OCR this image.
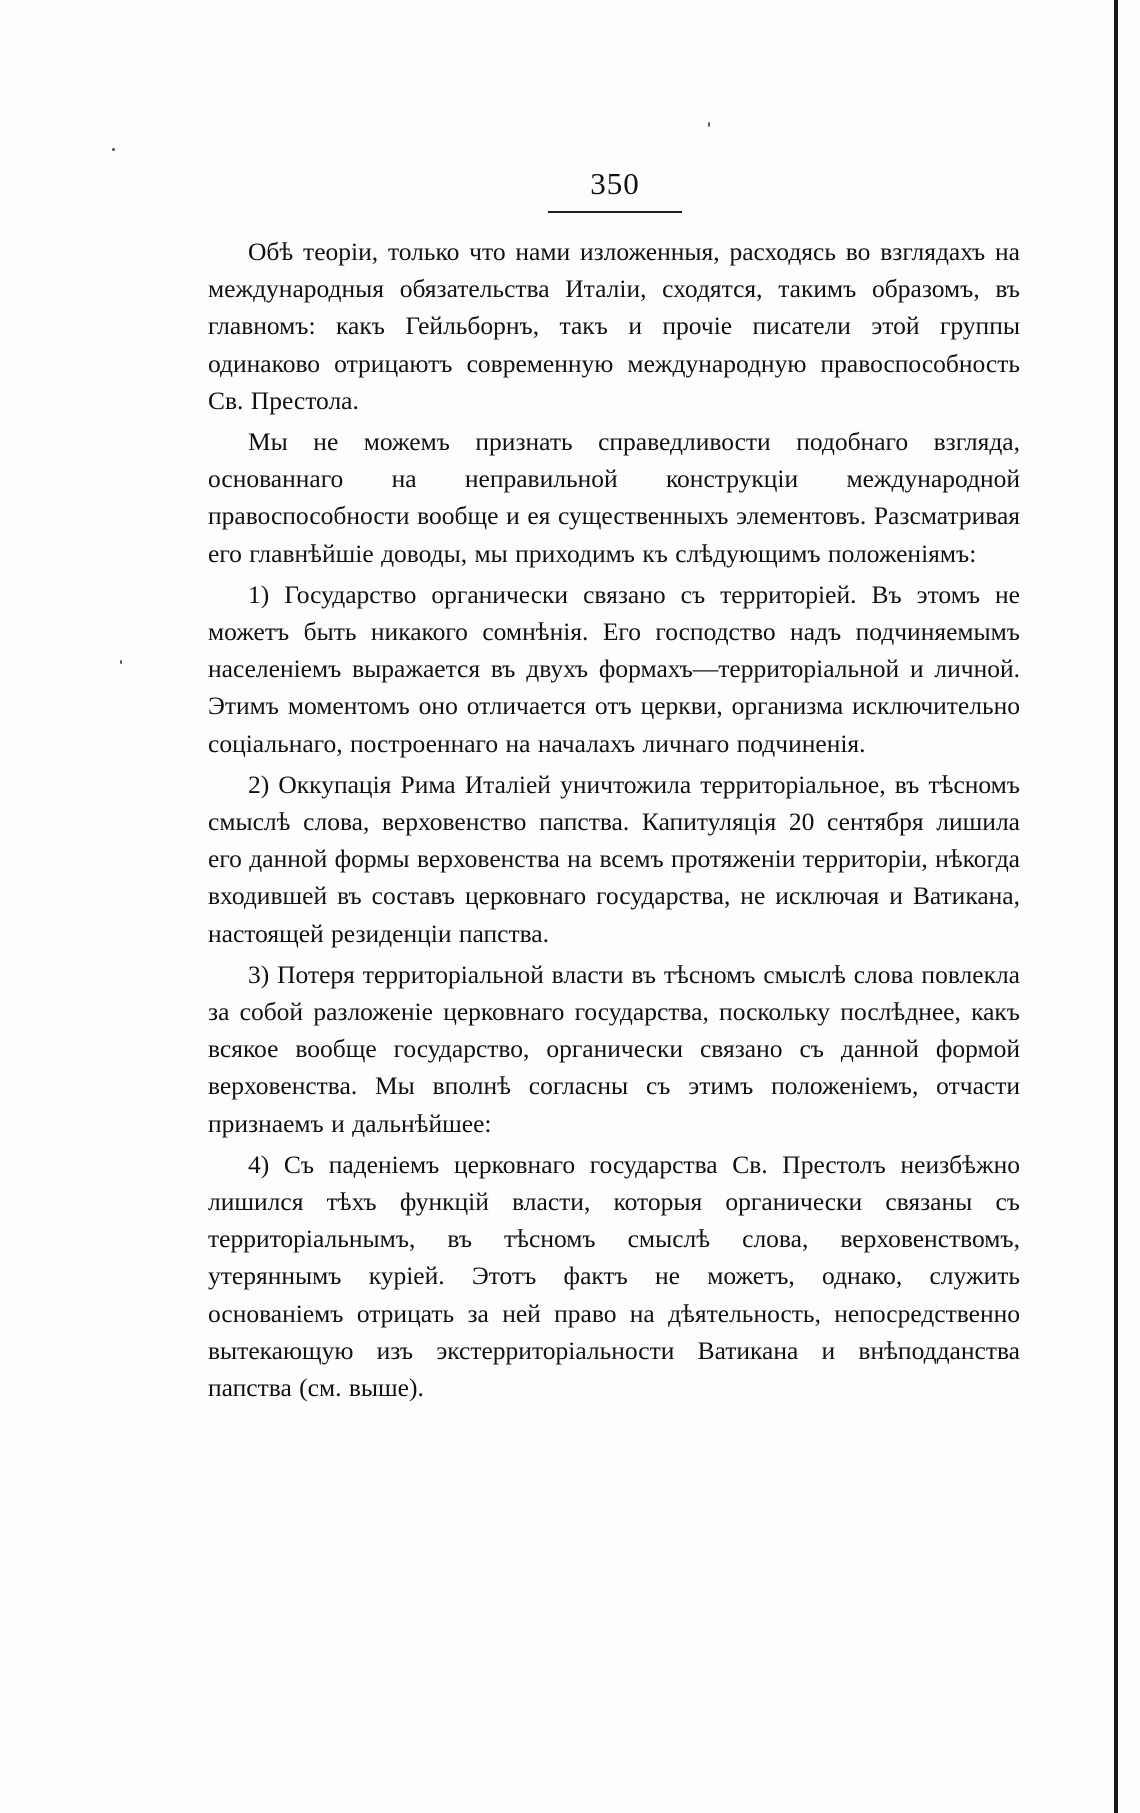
350

Обѣ теоріи, только что нами изложенныя, расходясь во взглядахъ на международныя обязательства Италіи, сходятся, такимъ образомъ, въ главномъ: какъ Гейльборнъ, такъ и прочіе писатели этой группы одинаково отрицаютъ современную международную правоспособность Св. Престола.

Мы не можемъ признать справедливости подобнаго взгляда, основаннаго на неправильной конструкціи международной правоспособности вообще и ея существенныхъ элементовъ. Разсматривая его главнѣйшіе доводы, мы приходимъ къ слѣдующимъ положеніямъ:

1) Государство органически связано съ территоріей. Въ этомъ не можетъ быть никакого сомнѣнія. Его господство надъ подчиняемымъ населеніемъ выражается въ двухъ формахъ—территоріальной и личной. Этимъ моментомъ оно отличается отъ церкви, организма исключительно соціальнаго, построеннаго на началахъ личнаго подчиненія.

2) Оккупація Рима Италіей уничтожила территоріальное, въ тѣсномъ смыслѣ слова, верховенство папства. Капитуляція 20 сентября лишила его данной формы верховенства на всемъ протяженіи территоріи, нѣкогда входившей въ составъ церковнаго государства, не исключая и Ватикана, настоящей резиденціи папства.

3) Потеря территоріальной власти въ тѣсномъ смыслѣ слова повлекла за собой разложеніе церковнаго государства, поскольку послѣднее, какъ всякое вообще государство, органически связано съ данной формой верховенства. Мы вполнѣ согласны съ этимъ положеніемъ, отчасти признаемъ и дальнѣйшее:

4) Съ паденіемъ церковнаго государства Св. Престолъ неизбѣжно лишился тѣхъ функцій власти, которыя органически связаны съ территоріальнымъ, въ тѣсномъ смыслѣ слова, верховенствомъ, утеряннымъ куріей. Этотъ фактъ не можетъ, однако, служить основаніемъ отрицать за ней право на дѣятельность, непосредственно вытекающую изъ экстерриторіальности Ватикана и внѣподданства папства (см. выше).
